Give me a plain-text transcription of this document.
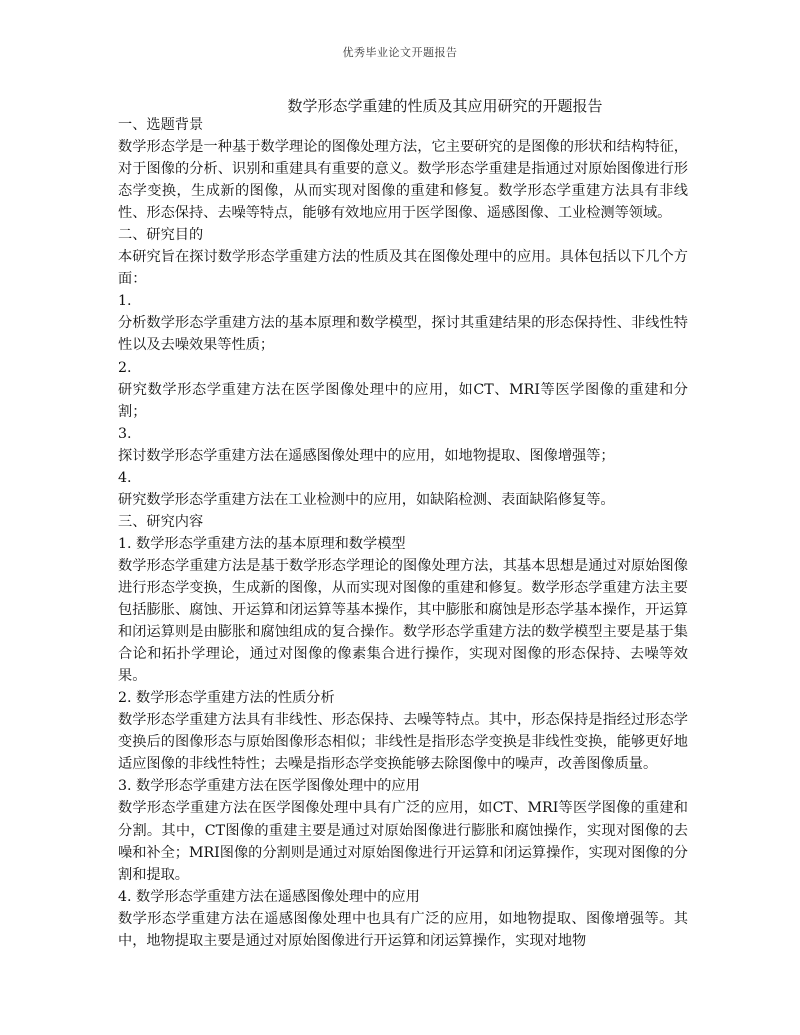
优秀毕业论文开题报告
数学形态学重建的性质及其应用研究的开题报告

一、选题背景

数学形态学是一种基于数学理论的图像处理方法，它主要研究的是图像的形状和结构特征，对于图像的分析、识别和重建具有重要的意义。数学形态学重建是指通过对原始图像进行形态学变换，生成新的图像，从而实现对图像的重建和修复。数学形态学重建方法具有非线性、形态保持、去噪等特点，能够有效地应用于医学图像、遥感图像、工业检测等领域。

二、研究目的

本研究旨在探讨数学形态学重建方法的性质及其在图像处理中的应用。具体包括以下几个方面：

1.

分析数学形态学重建方法的基本原理和数学模型，探讨其重建结果的形态保持性、非线性特性以及去噪效果等性质；

2.

研究数学形态学重建方法在医学图像处理中的应用，如CT、MRI等医学图像的重建和分割；

3.

探讨数学形态学重建方法在遥感图像处理中的应用，如地物提取、图像增强等；

4.

研究数学形态学重建方法在工业检测中的应用，如缺陷检测、表面缺陷修复等。

三、研究内容

1. 数学形态学重建方法的基本原理和数学模型

数学形态学重建方法是基于数学形态学理论的图像处理方法，其基本思想是通过对原始图像进行形态学变换，生成新的图像，从而实现对图像的重建和修复。数学形态学重建方法主要包括膨胀、腐蚀、开运算和闭运算等基本操作，其中膨胀和腐蚀是形态学基本操作，开运算和闭运算则是由膨胀和腐蚀组成的复合操作。数学形态学重建方法的数学模型主要是基于集合论和拓扑学理论，通过对图像的像素集合进行操作，实现对图像的形态保持、去噪等效果。

2. 数学形态学重建方法的性质分析

数学形态学重建方法具有非线性、形态保持、去噪等特点。其中，形态保持是指经过形态学变换后的图像形态与原始图像形态相似；非线性是指形态学变换是非线性变换，能够更好地适应图像的非线性特性；去噪是指形态学变换能够去除图像中的噪声，改善图像质量。

3. 数学形态学重建方法在医学图像处理中的应用

数学形态学重建方法在医学图像处理中具有广泛的应用，如CT、MRI等医学图像的重建和分割。其中，CT图像的重建主要是通过对原始图像进行膨胀和腐蚀操作，实现对图像的去噪和补全；MRI图像的分割则是通过对原始图像进行开运算和闭运算操作，实现对图像的分割和提取。

4. 数学形态学重建方法在遥感图像处理中的应用

数学形态学重建方法在遥感图像处理中也具有广泛的应用，如地物提取、图像增强等。其中，地物提取主要是通过对原始图像进行开运算和闭运算操作，实现对地物
